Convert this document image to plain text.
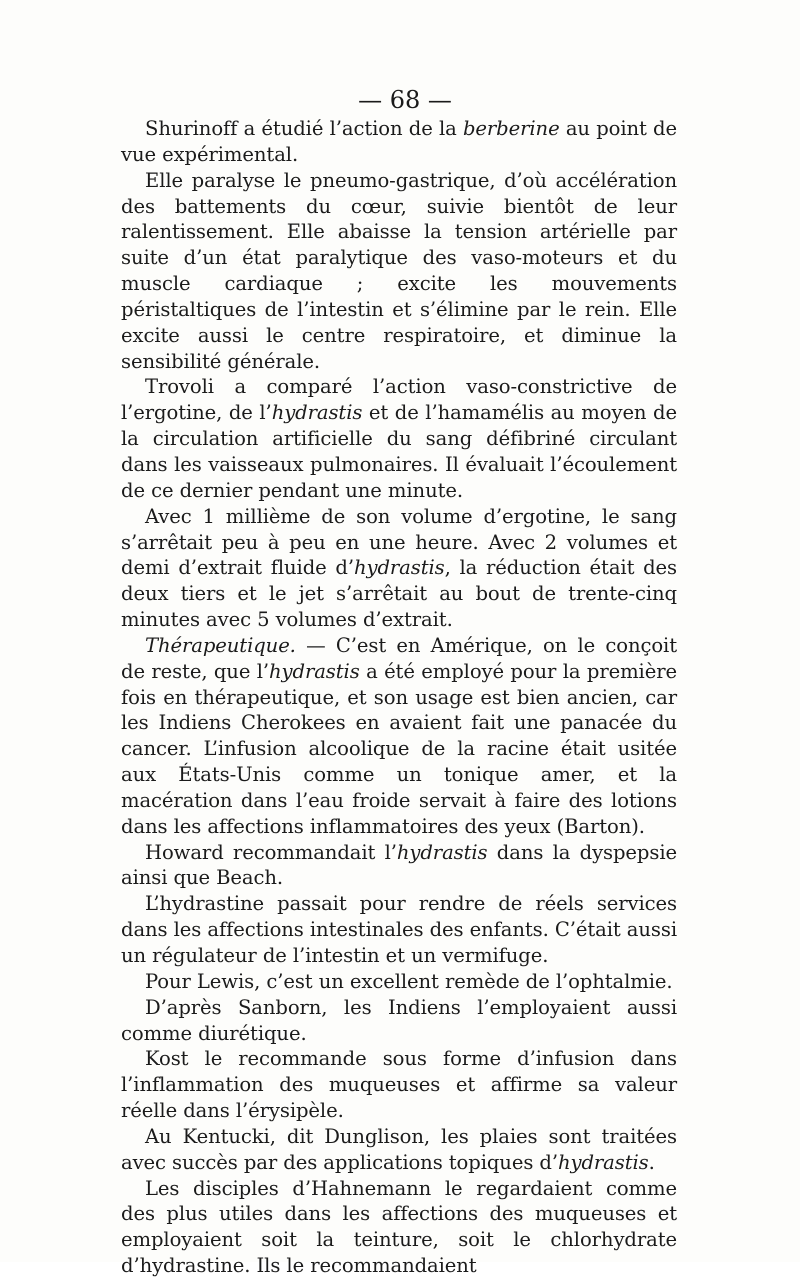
— 68 —

Shurinoff a étudié l’action de la berberine au point de vue expérimental.

Elle paralyse le pneumo-gastrique, d’où accélération des battements du cœur, suivie bientôt de leur ralentissement. Elle abaisse la tension artérielle par suite d’un état paralytique des vaso-moteurs et du muscle cardiaque ; excite les mouvements péristaltiques de l’intestin et s’élimine par le rein. Elle excite aussi le centre respiratoire, et diminue la sensibilité générale.

Trovoli a comparé l’action vaso-constrictive de l’ergotine, de l’hydrastis et de l’hamamélis au moyen de la circulation artificielle du sang défibriné circulant dans les vaisseaux pulmonaires. Il évaluait l’écoulement de ce dernier pendant une minute.

Avec 1 millième de son volume d’ergotine, le sang s’arrêtait peu à peu en une heure. Avec 2 volumes et demi d’extrait fluide d’hydrastis, la réduction était des deux tiers et le jet s’arrêtait au bout de trente-cinq minutes avec 5 volumes d’extrait.

Thérapeutique. — C’est en Amérique, on le conçoit de reste, que l’hydrastis a été employé pour la première fois en thérapeutique, et son usage est bien ancien, car les Indiens Cherokees en avaient fait une panacée du cancer. L’infusion alcoolique de la racine était usitée aux États-Unis comme un tonique amer, et la macération dans l’eau froide servait à faire des lotions dans les affections inflammatoires des yeux (Barton).

Howard recommandait l’hydrastis dans la dyspepsie ainsi que Beach.

L’hydrastine passait pour rendre de réels services dans les affections intestinales des enfants. C’était aussi un régulateur de l’intestin et un vermifuge.

Pour Lewis, c’est un excellent remède de l’ophtalmie.

D’après Sanborn, les Indiens l’employaient aussi comme diurétique.

Kost le recommande sous forme d’infusion dans l’inflammation des muqueuses et affirme sa valeur réelle dans l’érysipèle.

Au Kentucki, dit Dunglison, les plaies sont traitées avec succès par des applications topiques d’hydrastis.

Les disciples d’Hahnemann le regardaient comme des plus utiles dans les affections des muqueuses et employaient soit la teinture, soit le chlorhydrate d’hydrastine. Ils le recommandaient
